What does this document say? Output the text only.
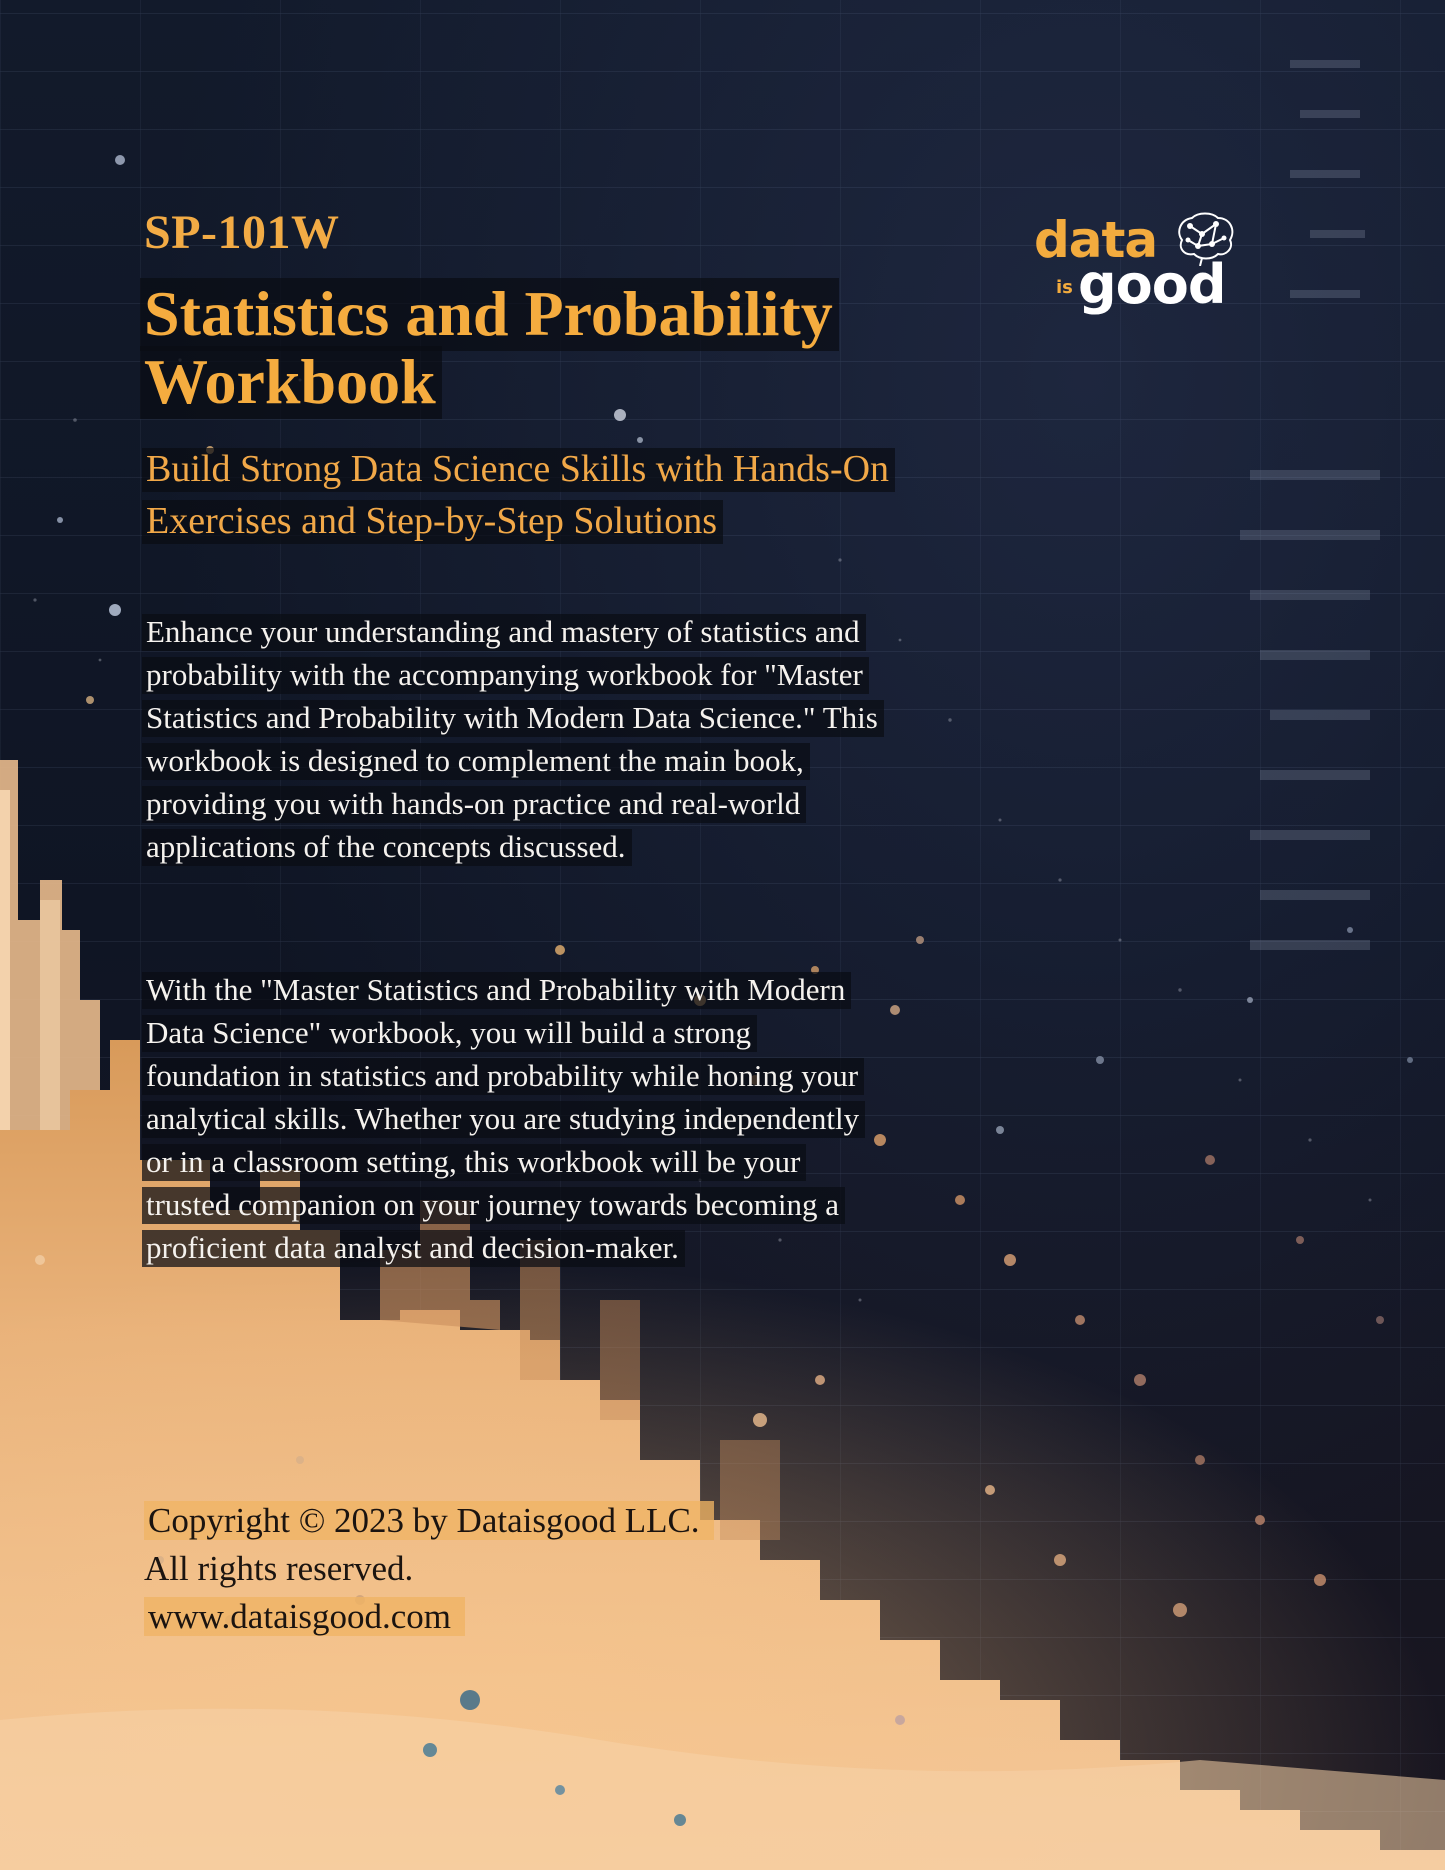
SP-101W
Statistics and Probability Workbook
Build Strong Data Science Skills with Hands-On Exercises and Step-by-Step Solutions

Enhance your understanding and mastery of statistics and probability with the accompanying workbook for "Master Statistics and Probability with Modern Data Science." This workbook is designed to complement the main book, providing you with hands-on practice and real-world applications of the concepts discussed.

With the "Master Statistics and Probability with Modern Data Science" workbook, you will build a strong foundation in statistics and probability while honing your analytical skills. Whether you are studying independently or in a classroom setting, this workbook will be your trusted companion on your journey towards becoming a proficient data analyst and decision-maker.

Copyright © 2023 by Dataisgood LLC.
All rights reserved.
www.dataisgood.com
data
is good
